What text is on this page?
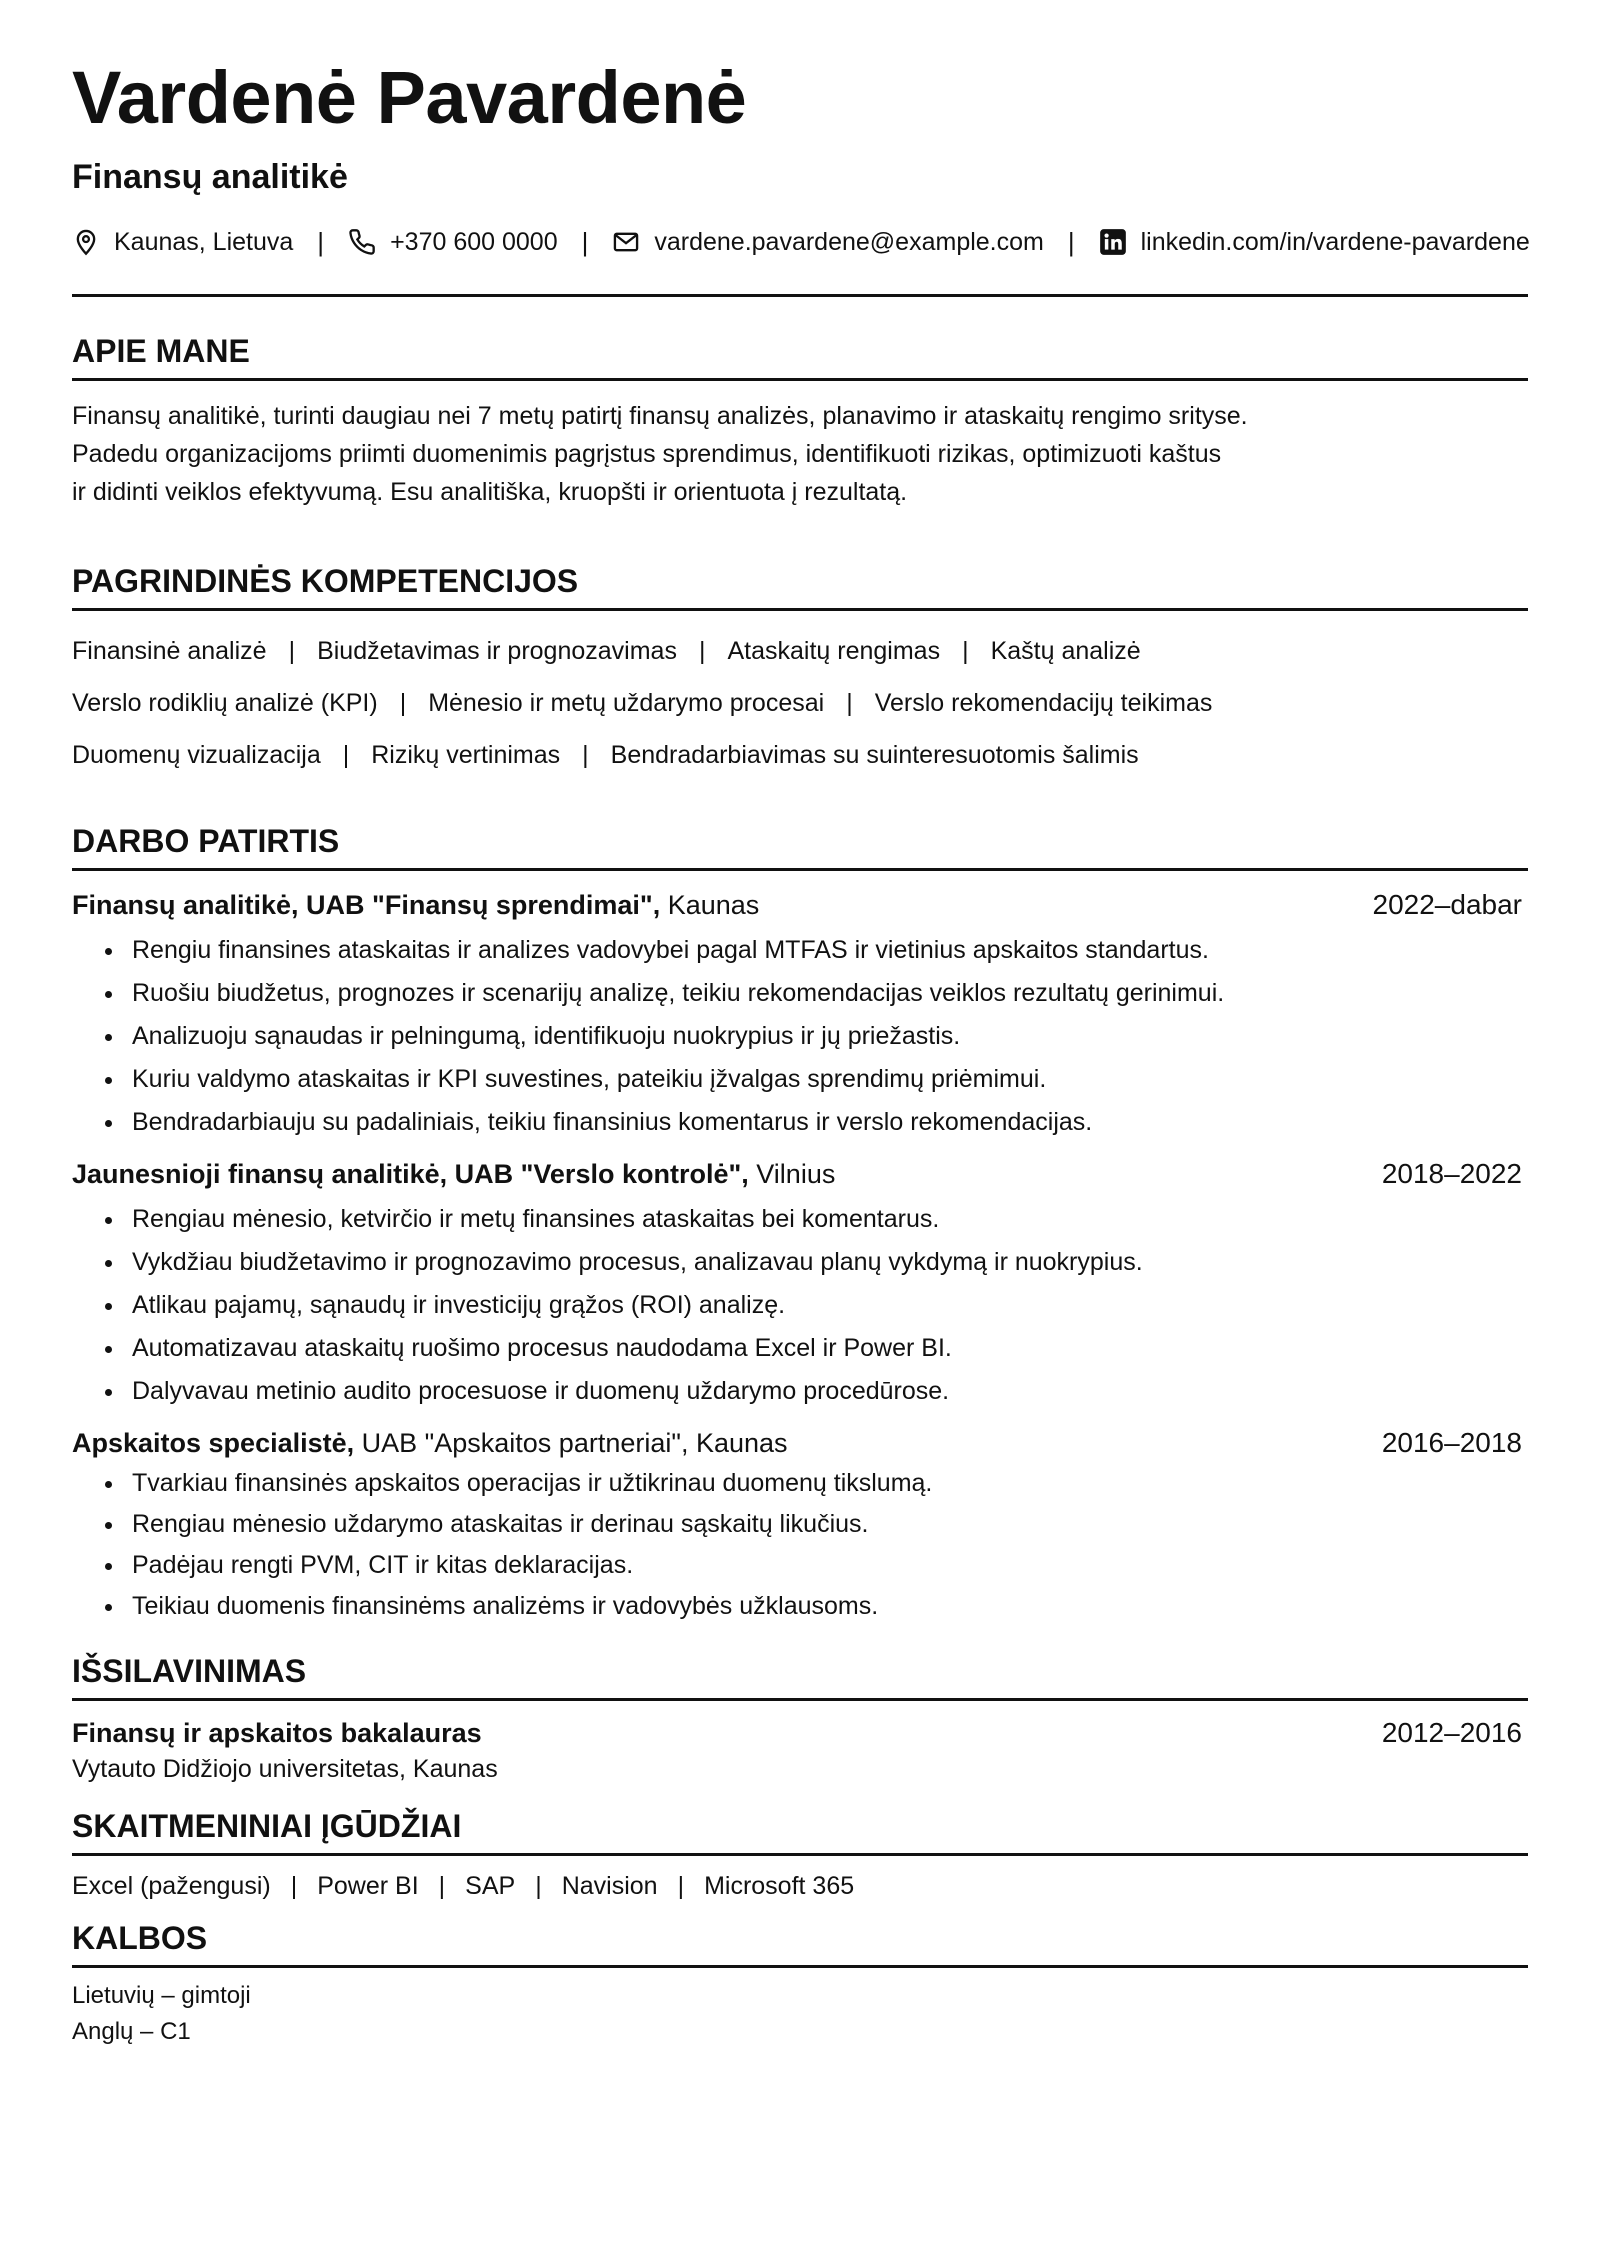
Vardenė Pavardenė
Finansų analitikė
Kaunas, Lietuva |	+370 600 0000 |	vardene.pavardene@example.com |	linkedin.com/in/vardene-pavardene
APIE MANE

Finansų analitikė, turinti daugiau nei 7 metų patirtį finansų analizės, planavimo ir ataskaitų rengimo srityse.

Padedu organizacijoms priimti duomenimis pagrįstus sprendimus, identifikuoti rizikas, optimizuoti kaštus

ir didinti veiklos efektyvumą. Esu analitiška, kruopšti ir orientuota į rezultatą.

PAGRINDINĖS KOMPETENCIJOS
Finansinė analizė | Biudžetavimas ir prognozavimas | Ataskaitų rengimas | Kaštų analizė
Verslo rodiklių analizė (KPI) | Mėnesio ir metų uždarymo procesai | Verslo rekomendacijų teikimas
Duomenų vizualizacija | Rizikų vertinimas | Bendradarbiavimas su suinteresuotomis šalimis
DARBO PATIRTIS
Finansų analitikė, UAB "Finansų sprendimai", Kaunas	2022–dabar
• Rengiu finansines ataskaitas ir analizes vadovybei pagal MTFAS ir vietinius apskaitos standartus.
• Ruošiu biudžetus, prognozes ir scenarijų analizę, teikiu rekomendacijas veiklos rezultatų gerinimui.
• Analizuoju sąnaudas ir pelningumą, identifikuoju nuokrypius ir jų priežastis.
• Kuriu valdymo ataskaitas ir KPI suvestines, pateikiu įžvalgas sprendimų priėmimui.
• Bendradarbiauju su padaliniais, teikiu finansinius komentarus ir verslo rekomendacijas.
Jaunesnioji finansų analitikė, UAB "Verslo kontrolė", Vilnius	2018–2022
• Rengiau mėnesio, ketvirčio ir metų finansines ataskaitas bei komentarus.
• Vykdžiau biudžetavimo ir prognozavimo procesus, analizavau planų vykdymą ir nuokrypius.
• Atlikau pajamų, sąnaudų ir investicijų grąžos (ROI) analizę.
• Automatizavau ataskaitų ruošimo procesus naudodama Excel ir Power BI.
• Dalyvavau metinio audito procesuose ir duomenų uždarymo procedūrose.
Apskaitos specialistė, UAB "Apskaitos partneriai", Kaunas	2016–2018
• Tvarkiau finansinės apskaitos operacijas ir užtikrinau duomenų tikslumą.
• Rengiau mėnesio uždarymo ataskaitas ir derinau sąskaitų likučius.
• Padėjau rengti PVM, CIT ir kitas deklaracijas.
• Teikiau duomenis finansinėms analizėms ir vadovybės užklausoms.
IŠSILAVINIMAS
Finansų ir apskaitos bakalauras	2012–2016
Vytauto Didžiojo universitetas, Kaunas
SKAITMENINIAI ĮGŪDŽIAI
Excel (pažengusi) | Power BI | SAP | Navision | Microsoft 365
KALBOS
Lietuvių – gimtoji
Anglų – C1
